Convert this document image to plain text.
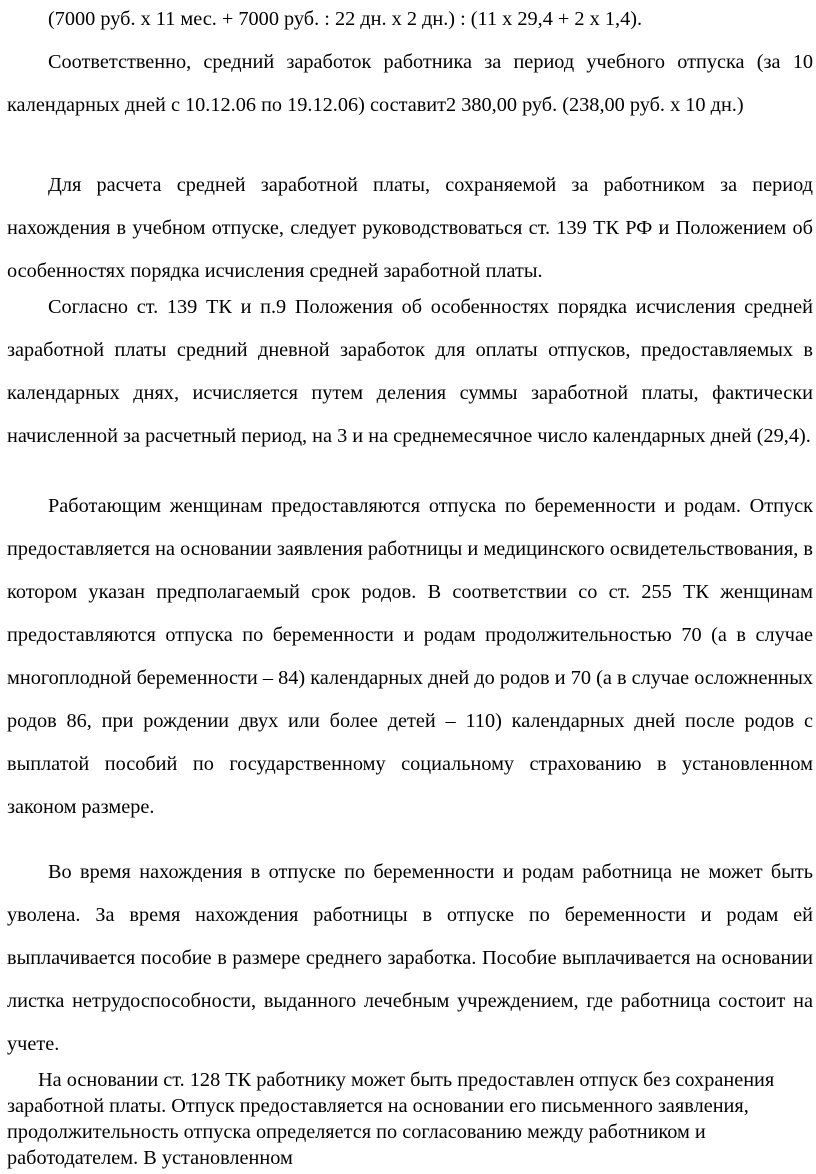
(7000 руб. х 11 мес. + 7000 руб. : 22 дн. х 2 дн.) : (11 х 29,4 + 2 х 1,4).

Соответственно, средний заработок работника за период учебного отпуска (за 10 календарных дней с 10.12.06 по 19.12.06) составит2 380,00 руб. (238,00 руб. х 10 дн.)

Для расчета средней заработной платы, сохраняемой за работником за период нахождения в учебном отпуске, следует руководствоваться ст. 139 ТК РФ и Положением об особенностях порядка исчисления средней заработной платы.

Согласно ст. 139 ТК и п.9 Положения об особенностях порядка исчисления средней заработной платы средний дневной заработок для оплаты отпусков, предоставляемых в календарных днях, исчисляется путем деления суммы заработной платы, фактически начисленной за расчетный период, на 3 и на среднемесячное число календарных дней (29,4).

Работающим женщинам предоставляются отпуска по беременности и родам. Отпуск предоставляется на основании заявления работницы и медицинского освидетельствования, в котором указан предполагаемый срок родов. В соответствии со ст. 255 ТК женщинам предоставляются отпуска по беременности и родам продолжительностью 70 (а в случае многоплодной беременности – 84) календарных дней до родов и 70 (а в случае осложненных родов 86, при рождении двух или более детей – 110) календарных дней после родов с выплатой пособий по государственному социальному страхованию в установленном законом размере.

Во время нахождения в отпуске по беременности и родам работница не может быть уволена. За время нахождения работницы в отпуске по беременности и родам ей выплачивается пособие в размере среднего заработка. Пособие выплачивается на основании листка нетрудоспособности, выданного лечебным учреждением, где работница состоит на учете.

На основании ст. 128 ТК работнику может быть предоставлен отпуск без сохранения заработной платы. Отпуск предоставляется на основании его письменного заявления, продолжительность отпуска определяется по согласованию между работником и работодателем. В установленном
